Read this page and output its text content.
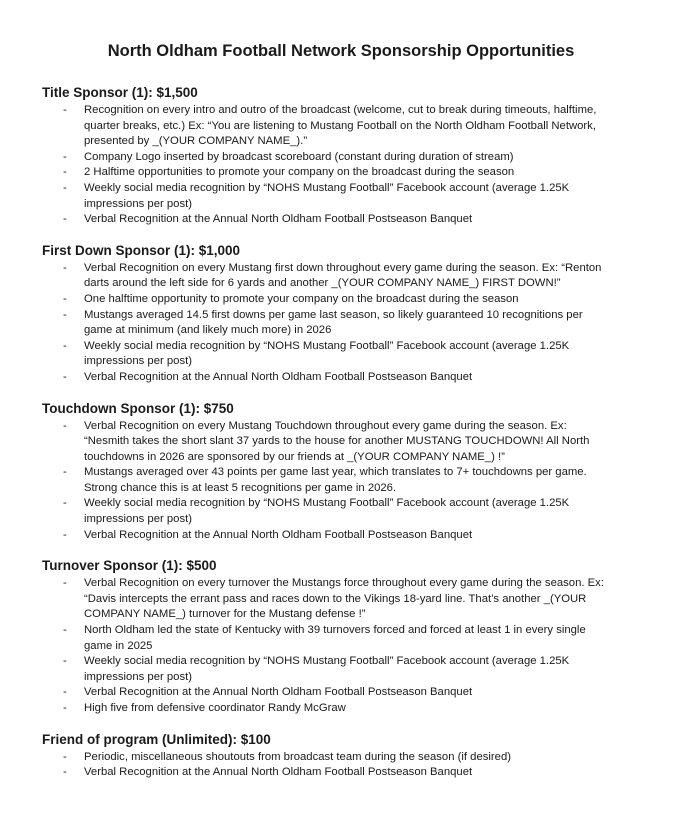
North Oldham Football Network Sponsorship Opportunities
Title Sponsor (1): $1,500
- Recognition on every intro and outro of the broadcast (welcome, cut to break during timeouts, halftime, quarter breaks, etc.) Ex: “You are listening to Mustang Football on the North Oldham Football Network, presented by _(YOUR COMPANY NAME_).”
- Company Logo inserted by broadcast scoreboard (constant during duration of stream)
- 2 Halftime opportunities to promote your company on the broadcast during the season
- Weekly social media recognition by “NOHS Mustang Football” Facebook account (average 1.25K impressions per post)
- Verbal Recognition at the Annual North Oldham Football Postseason Banquet
First Down Sponsor (1): $1,000
- Verbal Recognition on every Mustang first down throughout every game during the season. Ex: “Renton darts around the left side for 6 yards and another _(YOUR COMPANY NAME_) FIRST DOWN!”
- One halftime opportunity to promote your company on the broadcast during the season
- Mustangs averaged 14.5 first downs per game last season, so likely guaranteed 10 recognitions per game at minimum (and likely much more) in 2026
- Weekly social media recognition by “NOHS Mustang Football” Facebook account (average 1.25K impressions per post)
- Verbal Recognition at the Annual North Oldham Football Postseason Banquet
Touchdown Sponsor (1): $750
- Verbal Recognition on every Mustang Touchdown throughout every game during the season. Ex: “Nesmith takes the short slant 37 yards to the house for another MUSTANG TOUCHDOWN! All North touchdowns in 2026 are sponsored by our friends at _(YOUR COMPANY NAME_) !”
- Mustangs averaged over 43 points per game last year, which translates to 7+ touchdowns per game. Strong chance this is at least 5 recognitions per game in 2026.
- Weekly social media recognition by “NOHS Mustang Football” Facebook account (average 1.25K impressions per post)
- Verbal Recognition at the Annual North Oldham Football Postseason Banquet
Turnover Sponsor (1): $500
- Verbal Recognition on every turnover the Mustangs force throughout every game during the season. Ex: “Davis intercepts the errant pass and races down to the Vikings 18-yard line. That’s another _(YOUR COMPANY NAME_) turnover for the Mustang defense !”
- North Oldham led the state of Kentucky with 39 turnovers forced and forced at least 1 in every single game in 2025
- Weekly social media recognition by “NOHS Mustang Football” Facebook account (average 1.25K impressions per post)
- Verbal Recognition at the Annual North Oldham Football Postseason Banquet
- High five from defensive coordinator Randy McGraw
Friend of program (Unlimited): $100
- Periodic, miscellaneous shoutouts from broadcast team during the season (if desired)
- Verbal Recognition at the Annual North Oldham Football Postseason Banquet
